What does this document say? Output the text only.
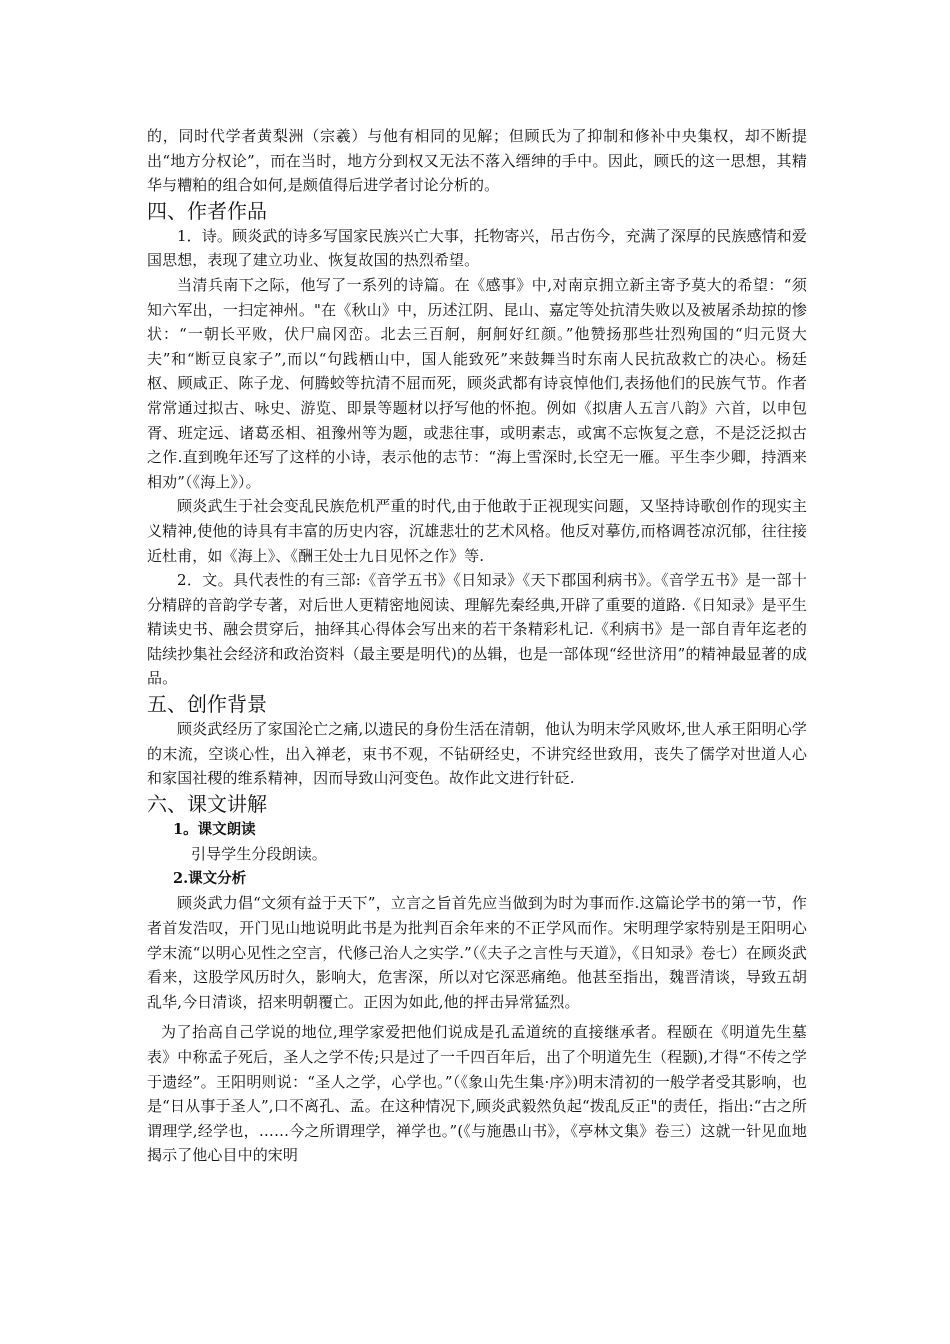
的，同时代学者黄梨洲（宗羲）与他有相同的见解；但顾氏为了抑制和修补中央集权，却不断提出“地方分权论”，而在当时，地方分到权又无法不落入缙绅的手中。因此，顾氏的这一思想，其精华与糟粕的组合如何,是颇值得后进学者讨论分析的。

四、作者作品

1．诗。顾炎武的诗多写国家民族兴亡大事，托物寄兴，吊古伤今，充满了深厚的民族感情和爱国思想，表现了建立功业、恢复故国的热烈希望。

当清兵南下之际，他写了一系列的诗篇。在《感事》中,对南京拥立新主寄予莫大的希望：“须知六军出，一扫定神州。"在《秋山》中，历述江阴、昆山、嘉定等处抗清失败以及被屠杀劫掠的惨状：“一朝长平败，伏尸扁冈峦。北去三百舸，舸舸好红颜。”他赞扬那些壮烈殉国的“归元贤大夫”和“断豆良家子”,而以“句践栖山中，国人能致死”来鼓舞当时东南人民抗敌救亡的决心。杨廷枢、顾咸正、陈子龙、何腾蛟等抗清不屈而死，顾炎武都有诗哀悼他们,表扬他们的民族气节。作者常常通过拟古、咏史、游览、即景等题材以抒写他的怀抱。例如《拟唐人五言八韵》六首，以申包胥、班定远、诸葛丞相、祖豫州等为题，或悲往事，或明素志，或寓不忘恢复之意，不是泛泛拟古之作.直到晚年还写了这样的小诗，表示他的志节：“海上雪深时,长空无一雁。平生李少卿，持酒来相劝”（《海上》）。

顾炎武生于社会变乱民族危机严重的时代,由于他敢于正视现实问题，又坚持诗歌创作的现实主义精神,使他的诗具有丰富的历史内容，沉雄悲壮的艺术风格。他反对摹仿,而格调苍凉沉郁，往往接近杜甫，如《海上》、《酬王处士九日见怀之作》等.

2．文。具代表性的有三部:《音学五书》《日知录》《天下郡国利病书》。《音学五书》是一部十分精辟的音韵学专著，对后世人更精密地阅读、理解先秦经典,开辟了重要的道路.《日知录》是平生精读史书、融会贯穿后，抽绎其心得体会写出来的若干条精彩札记.《利病书》是一部自青年迄老的陆续抄集社会经济和政治资料（最主要是明代)的丛辑，也是一部体现“经世济用”的精神最显著的成品。

五、创作背景

顾炎武经历了家国沦亡之痛,以遗民的身份生活在清朝，他认为明末学风败坏,世人承王阳明心学的末流，空谈心性，出入禅老，束书不观，不钻研经史，不讲究经世致用，丧失了儒学对世道人心和家国社稷的维系精神，因而导致山河变色。故作此文进行针砭.

六、课文讲解
1。课文朗读

引导学生分段朗读。

2.课文分析

顾炎武力倡“文须有益于天下”，立言之旨首先应当做到为时为事而作.这篇论学书的第一节，作者首发浩叹，开门见山地说明此书是为批判百余年来的不正学风而作。宋明理学家特别是王阳明心学末流“以明心见性之空言，代修己治人之实学.”（《夫子之言性与天道》，《日知录》卷七）在顾炎武看来，这股学风历时久，影响大，危害深，所以对它深恶痛绝。他甚至指出，魏晋清谈，导致五胡乱华,今日清谈，招来明朝覆亡。正因为如此,他的抨击异常猛烈。

为了抬高自己学说的地位,理学家爱把他们说成是孔孟道统的直接继承者。程颐在《明道先生墓表》中称孟子死后，圣人之学不传;只是过了一千四百年后，出了个明道先生（程颢),才得“不传之学于遗经”。王阳明则说：“圣人之学，心学也。”（《象山先生集·序》)明末清初的一般学者受其影响，也是“日从事于圣人”,口不离孔、孟。在这种情况下,顾炎武毅然负起“拨乱反正"的责任，指出:“古之所谓理学,经学也，……今之所谓理学，禅学也。”(《与施愚山书》，《亭林文集》卷三）这就一针见血地揭示了他心目中的宋明
